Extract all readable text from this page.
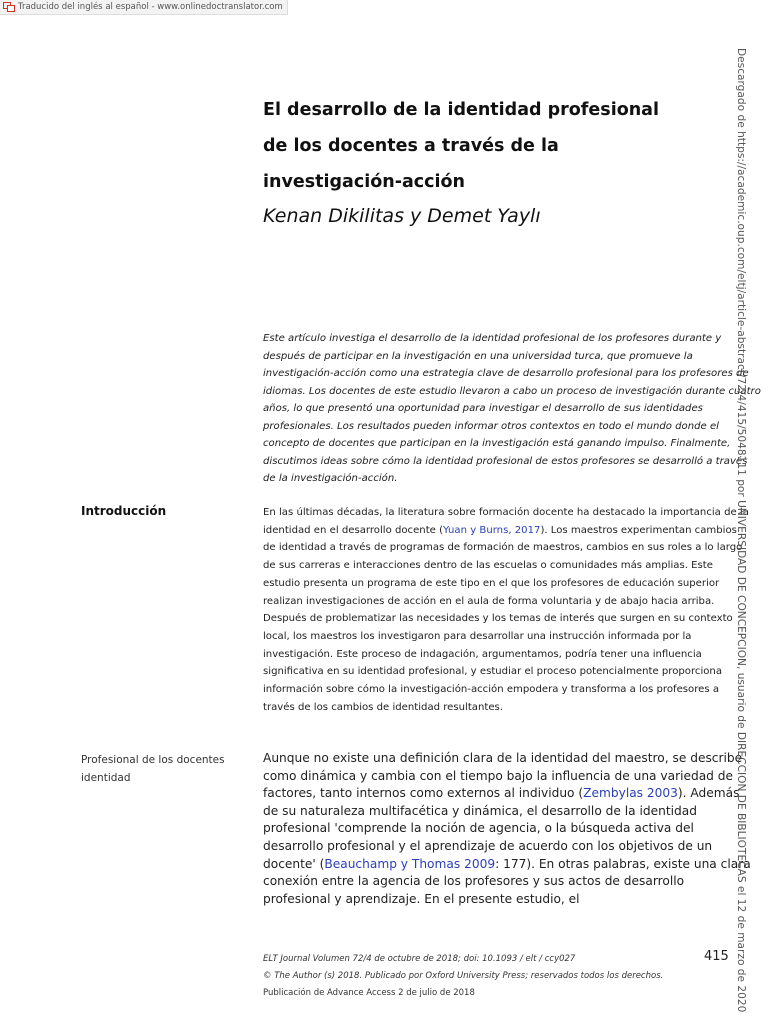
Traducido del inglés al español - www.onlinedoctranslator.com
El desarrollo de la identidad profesional
de los docentes a través de la
investigación-acción
Kenan Dikilitas y Demet Yaylı
Este artículo investiga el desarrollo de la identidad profesional de los profesores durante y
después de participar en la investigación en una universidad turca, que promueve la
investigación-acción como una estrategia clave de desarrollo profesional para los profesores de
idiomas. Los docentes de este estudio llevaron a cabo un proceso de investigación durante cuatro
años, lo que presentó una oportunidad para investigar el desarrollo de sus identidades
profesionales. Los resultados pueden informar otros contextos en todo el mundo donde el
concepto de docentes que participan en la investigación está ganando impulso. Finalmente,
discutimos ideas sobre cómo la identidad profesional de estos profesores se desarrolló a través
de la investigación-acción.
Introducción	En las últimas décadas, la literatura sobre formación docente ha destacado la importancia de la
identidad en el desarrollo docente (Yuan y Burns, 2017). Los maestros experimentan cambios
de identidad a través de programas de formación de maestros, cambios en sus roles a lo largo
de sus carreras e interacciones dentro de las escuelas o comunidades más amplias. Este
estudio presenta un programa de este tipo en el que los profesores de educación superior
realizan investigaciones de acción en el aula de forma voluntaria y de abajo hacia arriba.
Después de problematizar las necesidades y los temas de interés que surgen en su contexto
local, los maestros los investigaron para desarrollar una instrucción informada por la
investigación. Este proceso de indagación, argumentamos, podría tener una influencia
significativa en su identidad profesional, y estudiar el proceso potencialmente proporciona
información sobre cómo la investigación-acción empodera y transforma a los profesores a
través de los cambios de identidad resultantes.
Profesional de los docentes
identidad
Aunque no existe una definición clara de la identidad del maestro, se describe
como dinámica y cambia con el tiempo bajo la influencia de una variedad de
factores, tanto internos como externos al individuo (Zembylas 2003). Además
de su naturaleza multifacética y dinámica, el desarrollo de la identidad
profesional 'comprende la noción de agencia, o la búsqueda activa del
desarrollo profesional y el aprendizaje de acuerdo con los objetivos de un
docente' (Beauchamp y Thomas 2009: 177). En otras palabras, existe una clara
conexión entre la agencia de los profesores y sus actos de desarrollo
profesional y aprendizaje. En el presente estudio, el	Descargado de https://academic.oup.com/eltj/article-abstract/72/4/415/5048111 por UNIVERSIDAD DE CONCEPCION, usuario de DIRECCION DE BIBLIOTECAS el 12 de marzo de 2020
ELT Journal Volumen 72/4 de octubre de 2018; doi: 10.1093 / elt / ccy027
© The Author (s) 2018. Publicado por Oxford University Press; reservados todos los derechos.
Publicación de Advance Access 2 de julio de 2018
415
